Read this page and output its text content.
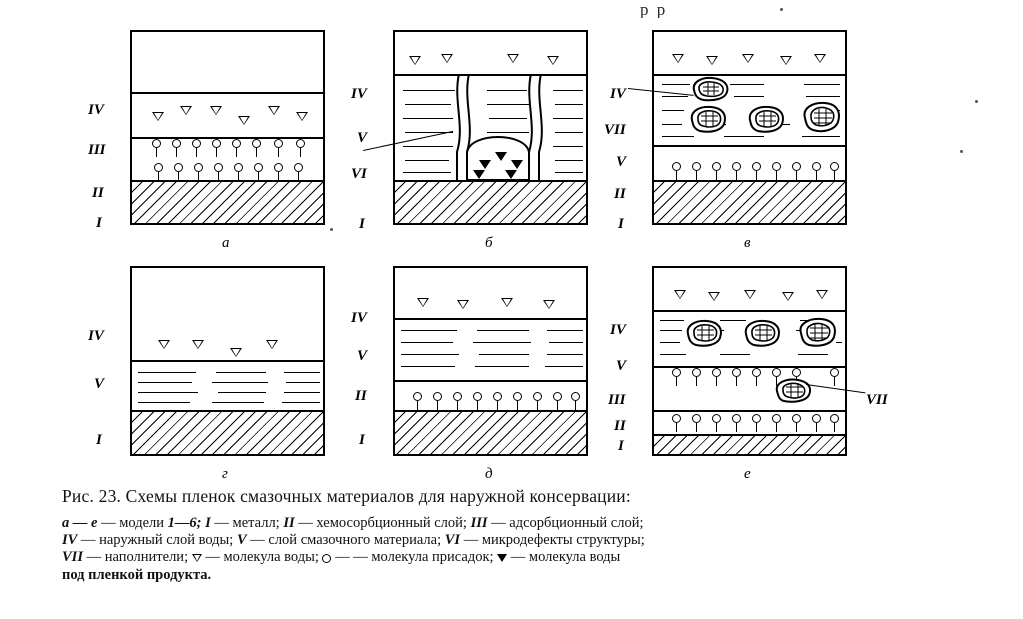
р р
IV
III
II
I
а
IV
V
VI
I
б
IV
VII
V
II
I
в
IV
V
I
г
IV
V
II
I
д
IV
V
III
II
I
VII
е
Рис. 23. Схемы пленок смазочных материалов для наружной консервации:
a — e — модели 1—6; I — металл; II — хемосорбционный слой; III — адсорбционный слой;
IV — наружный слой воды; V — слой смазочного материала; VI — микродефекты структуры;
VII — наполнители; — молекула воды; — — молекула присадок; — молекула воды
под пленкой продукта.
